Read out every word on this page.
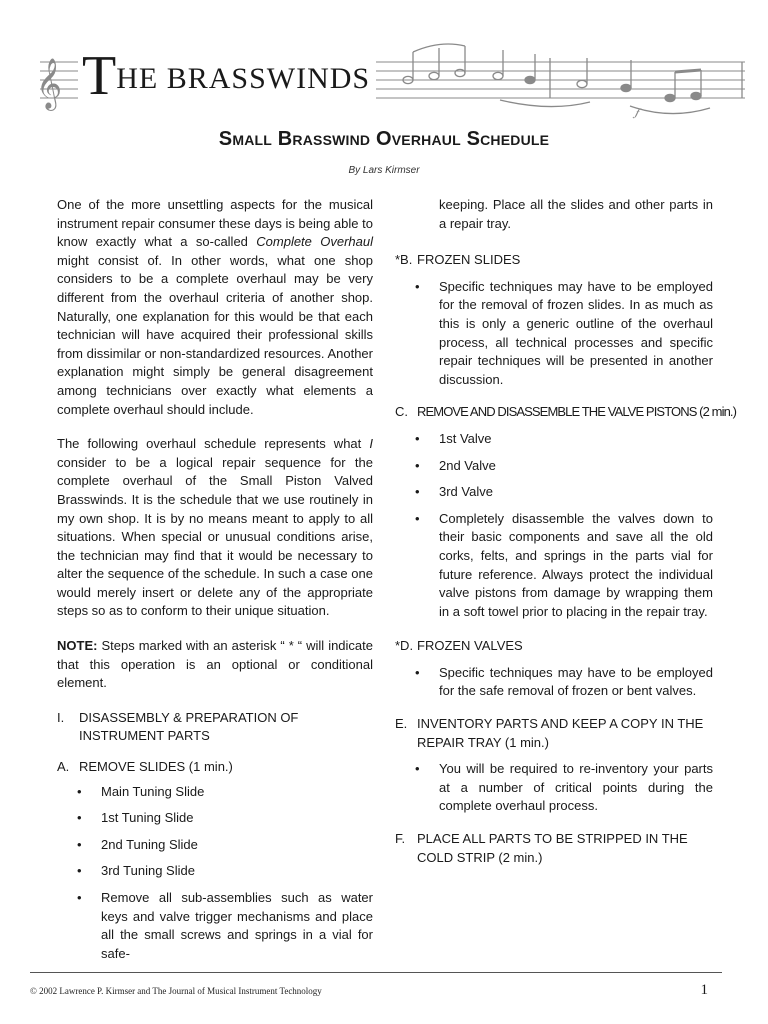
𝄞
𝆑
THE BRASSWINDS
Small Brasswind Overhaul Schedule
By Lars Kirmser

One of the more unsettling aspects for the musical instrument repair consumer these days is being able to know exactly what a so-called Complete Overhaul might consist of. In other words, what one shop considers to be a complete overhaul may be very different from the overhaul criteria of another shop. Naturally, one explanation for this would be that each technician will have acquired their professional skills from dissimilar or non-standardized resources. Another explanation might simply be general disagreement among technicians over exactly what elements a complete overhaul should include.

The following overhaul schedule represents what I consider to be a logical repair sequence for the complete overhaul of the Small Piston Valved Brasswinds. It is the schedule that we use routinely in my own shop. It is by no means meant to apply to all situations. When special or unusual conditions arise, the technician may find that it would be necessary to alter the sequence of the schedule. In such a case one would merely insert or delete any of the appropriate steps so as to conform to their unique situation.

NOTE: Steps marked with an asterisk “ * “ will indicate that this operation is an optional or conditional element.

I.	DISASSEMBLY & PREPARATION OF INSTRUMENT PARTS
A. REMOVE SLIDES (1 min.)
•	Main Tuning Slide
•	1st Tuning Slide
•	2nd Tuning Slide
•	3rd Tuning Slide
•	Remove all sub-assemblies such as water keys and valve trigger mechanisms and place all the small screws and springs in a vial for safe-
keeping. Place all the slides and other parts in a repair tray.
*B. FROZEN SLIDES
•	Specific techniques may have to be employed for the removal of frozen slides. In as much as this is only a generic outline of the overhaul process, all technical processes and specific repair techniques will be presented in another discussion.
C. REMOVE AND DISASSEMBLE THE VALVE PISTONS (2 min.)
•	1st Valve
•	2nd Valve
•	3rd Valve
•	Completely disassemble the valves down to their basic components and save all the old corks, felts, and springs in the parts vial for future reference. Always protect the individual valve pistons from damage by wrapping them in a soft towel prior to placing in the repair tray.
*D. FROZEN VALVES
•	Specific techniques may have to be employed for the safe removal of frozen or bent valves.
E. INVENTORY PARTS AND KEEP A COPY IN THE REPAIR TRAY (1 min.)
•	You will be required to re-inventory your parts at a number of critical points during the complete overhaul process.
F. PLACE ALL PARTS TO BE STRIPPED IN THE COLD STRIP (2 min.)
© 2002 Lawrence P. Kirmser and The Journal of Musical Instrument Technology	1
